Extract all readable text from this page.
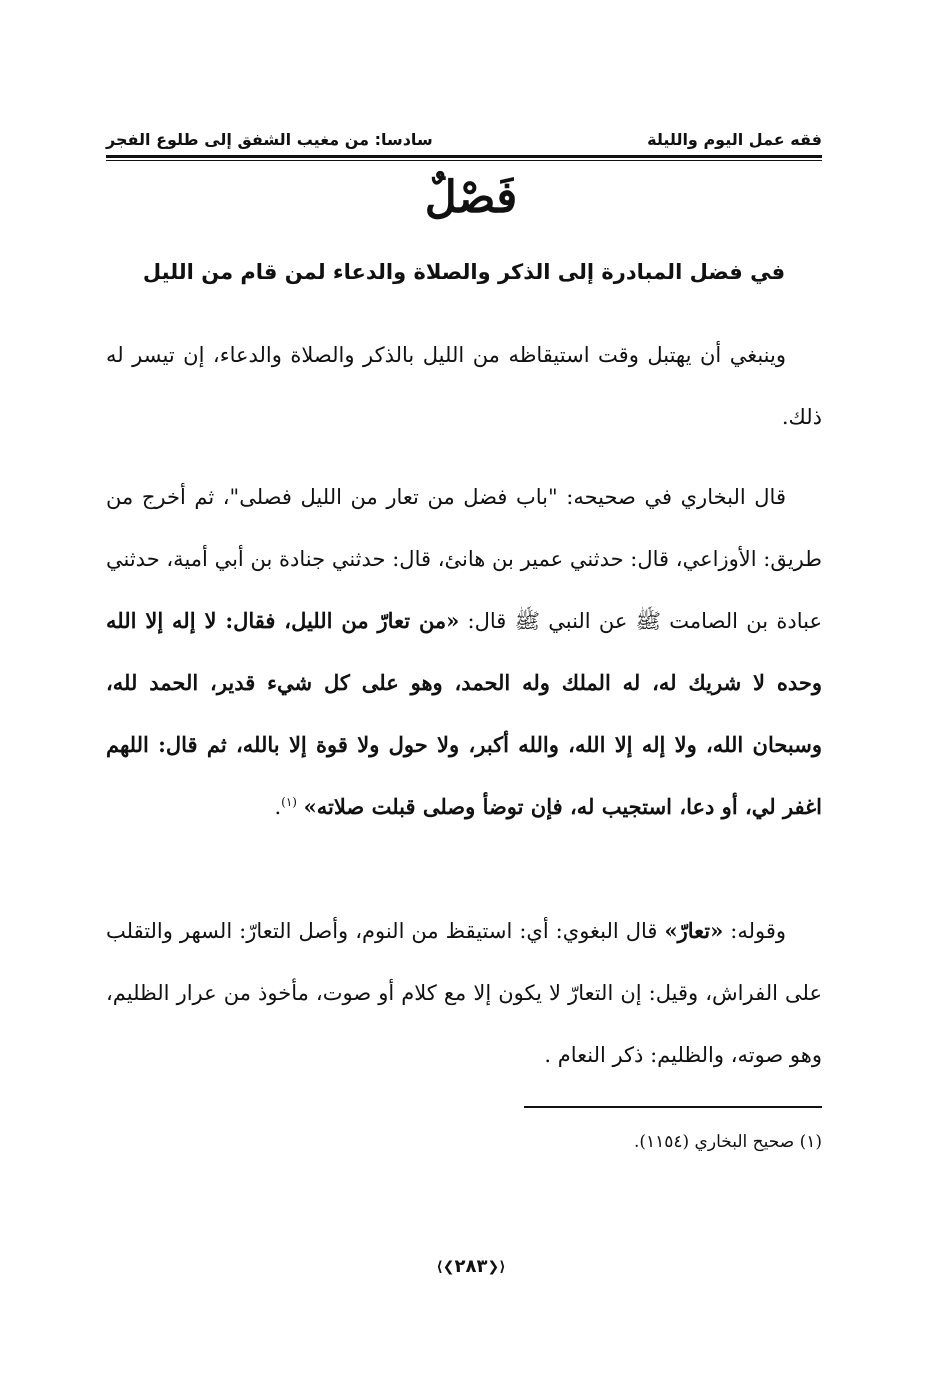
فقه عمل اليوم والليلة
سادسا: من مغيب الشفق إلى طلوع الفجر
فَصْلٌ
في فضل المبادرة إلى الذكر والصلاة والدعاء لمن قام من الليل
وينبغي أن يهتبل وقت استيقاظه من الليل بالذكر والصلاة والدعاء، إن تيسر له ذلك.
قال البخاري في صحيحه: "باب فضل من تعار من الليل فصلى"، ثم أخرج من طريق: الأوزاعي، قال: حدثني عمير بن هانئ، قال: حدثني جنادة بن أبي أمية، حدثني عبادة بن الصامت ﷺ عن النبي ﷺ قال: «من تعارّ من الليل، فقال: لا إله إلا الله وحده لا شريك له، له الملك وله الحمد، وهو على كل شيء قدير، الحمد لله، وسبحان الله، ولا إله إلا الله، والله أكبر، ولا حول ولا قوة إلا بالله، ثم قال: اللهم اغفر لي، أو دعا، استجيب له، فإن توضأ وصلى قبلت صلاته» $^{(١)}$.
وقوله: «تعارّ» قال البغوي: أي: استيقظ من النوم، وأصل التعارّ: السهر والتقلب على الفراش، وقيل: إن التعارّ لا يكون إلا مع كلام أو صوت، مأخوذ من عرار الظليم، وهو صوته، والظليم: ذكر النعام .
(١) صحيح البخاري (١١٥٤).
⟨❮٢٨٣❯⟩
